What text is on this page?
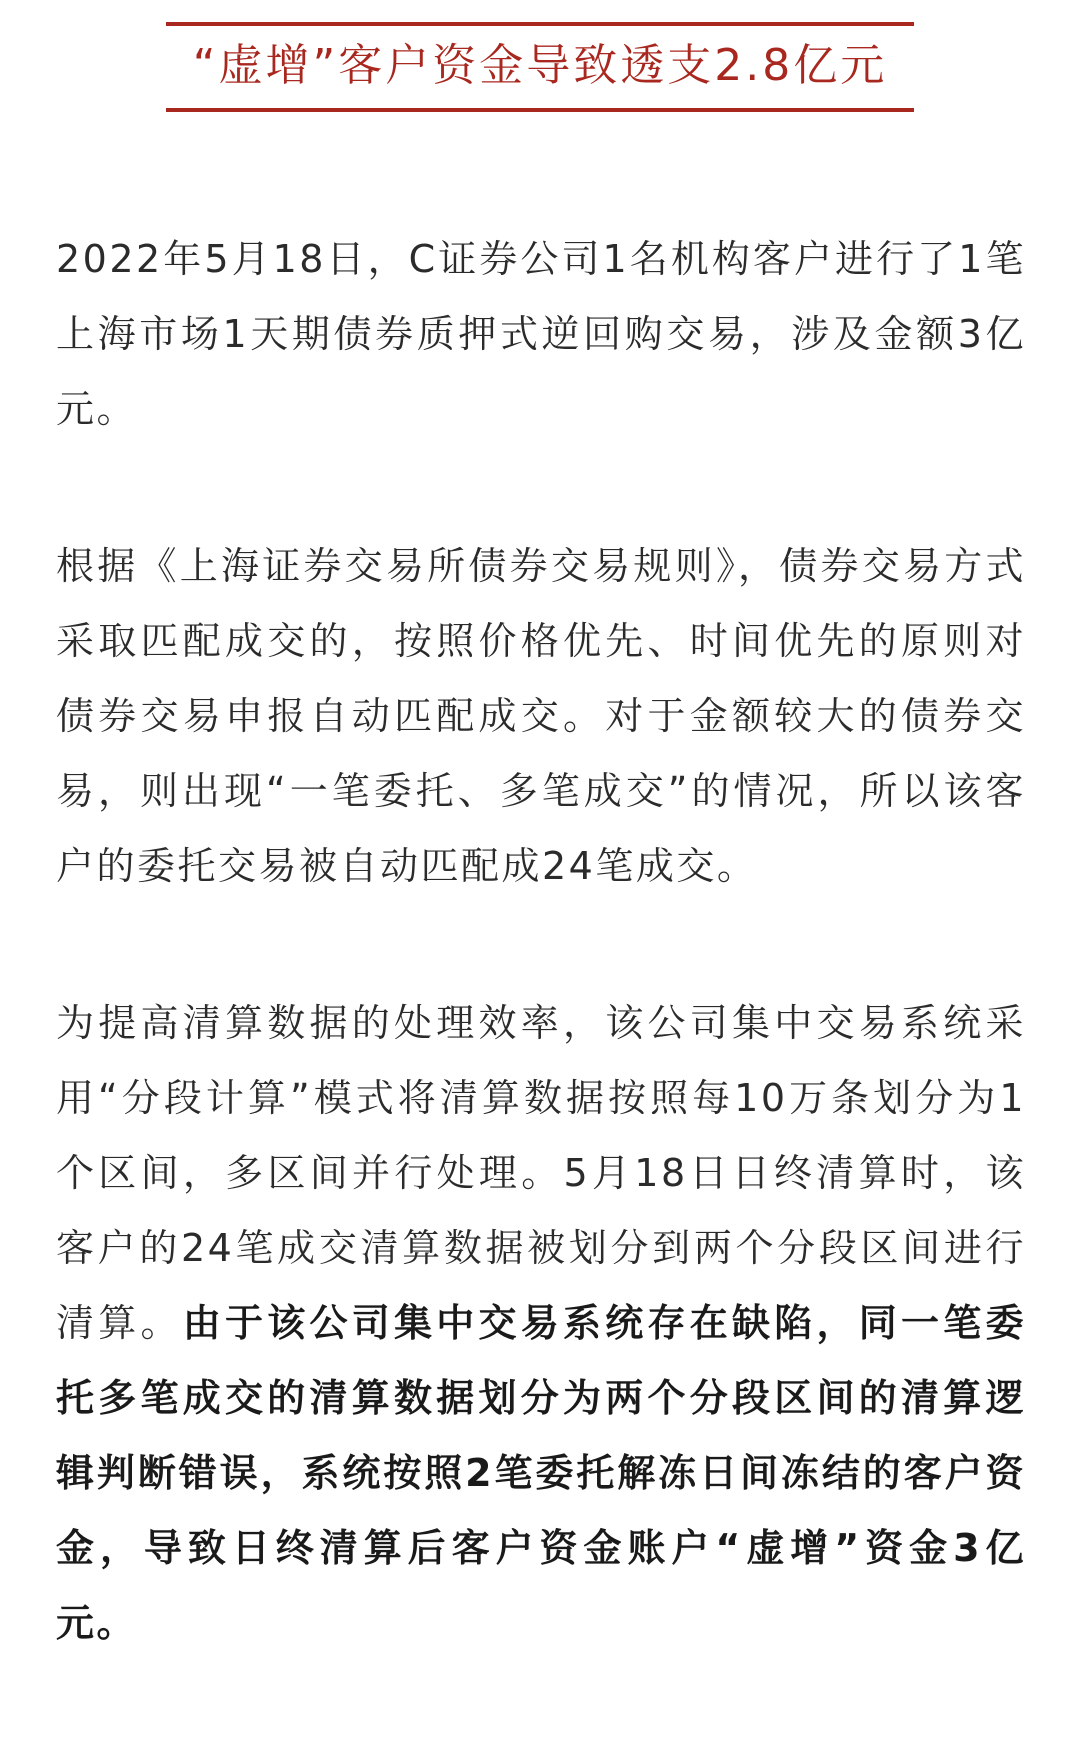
“虚增”客户资金导致透支2.8亿元

2022年5月18日，C证券公司1名机构客户进行了1笔上海市场1天期债券质押式逆回购交易，涉及金额3亿元。

根据《上海证券交易所债券交易规则》，债券交易方式采取匹配成交的，按照价格优先、时间优先的原则对债券交易申报自动匹配成交。对于金额较大的债券交易，则出现“一笔委托、多笔成交”的情况，所以该客户的委托交易被自动匹配成24笔成交。

为提高清算数据的处理效率，该公司集中交易系统采用“分段计算”模式将清算数据按照每10万条划分为1个区间，多区间并行处理。5月18日日终清算时，该客户的24笔成交清算数据被划分到两个分段区间进行清算。由于该公司集中交易系统存在缺陷，同一笔委托多笔成交的清算数据划分为两个分段区间的清算逻辑判断错误，系统按照2笔委托解冻日间冻结的客户资金，导致日终清算后客户资金账户“虚增”资金3亿元。
